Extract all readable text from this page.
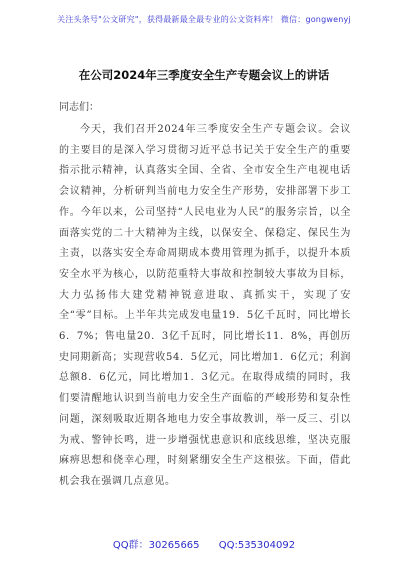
关注头条号"公文研究"，获得最新最全最专业的公文资料库！ 微信：gongwenyj
在公司2024年三季度安全生产专题会议上的讲话
同志们：

今天，我们召开2024年三季度安全生产专题会议。会议的主要目的是深入学习贯彻习近平总书记关于安全生产的重要指示批示精神，认真落实全国、全省、全市安全生产电视电话会议精神，分析研判当前电力安全生产形势，安排部署下步工作。今年以来，公司坚持“人民电业为人民”的服务宗旨，以全面落实党的二十大精神为主线，以保安全、保稳定、保民生为主责，以落实安全寿命周期成本费用管理为抓手，以提升本质安全水平为核心，以防范重特大事故和控制较大事故为目标，大力弘扬伟大建党精神锐意进取、真抓实干，实现了安全“零”目标。上半年共完成发电量19．5亿千瓦时，同比增长6．7%；售电量20．3亿千瓦时，同比增长11．8%，再创历史同期新高；实现营收54．5亿元，同比增加1．6亿元；利润总额8．6亿元，同比增加1．3亿元。在取得成绩的同时，我们要清醒地认识到当前电力安全生产面临的严峻形势和复杂性问题，深刻吸取近期各地电力安全事故教训，举一反三、引以为戒、警钟长鸣，进一步增强忧患意识和底线思维，坚决克服麻痹思想和侥幸心理，时刻紧绷安全生产这根弦。下面，借此机会我在强调几点意见。

QQ群：30265665 QQ:535304092
